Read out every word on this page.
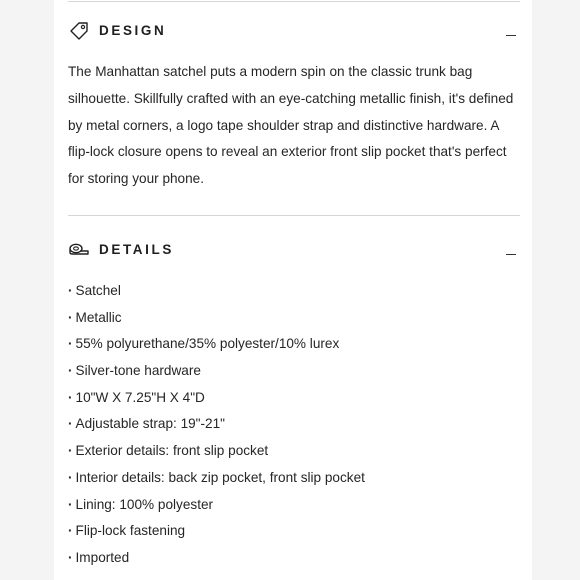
DESIGN

The Manhattan satchel puts a modern spin on the classic trunk bag silhouette. Skillfully crafted with an eye-catching metallic finish, it's defined by metal corners, a logo tape shoulder strap and distinctive hardware. A flip-lock closure opens to reveal an exterior front slip pocket that's perfect for storing your phone.

DETAILS
· Satchel
· Metallic
· 55% polyurethane/35% polyester/10% lurex
· Silver-tone hardware
· 10"W X 7.25"H X 4"D
· Adjustable strap: 19"-21"
· Exterior details: front slip pocket
· Interior details: back zip pocket, front slip pocket
· Lining: 100% polyester
· Flip-lock fastening
· Imported
